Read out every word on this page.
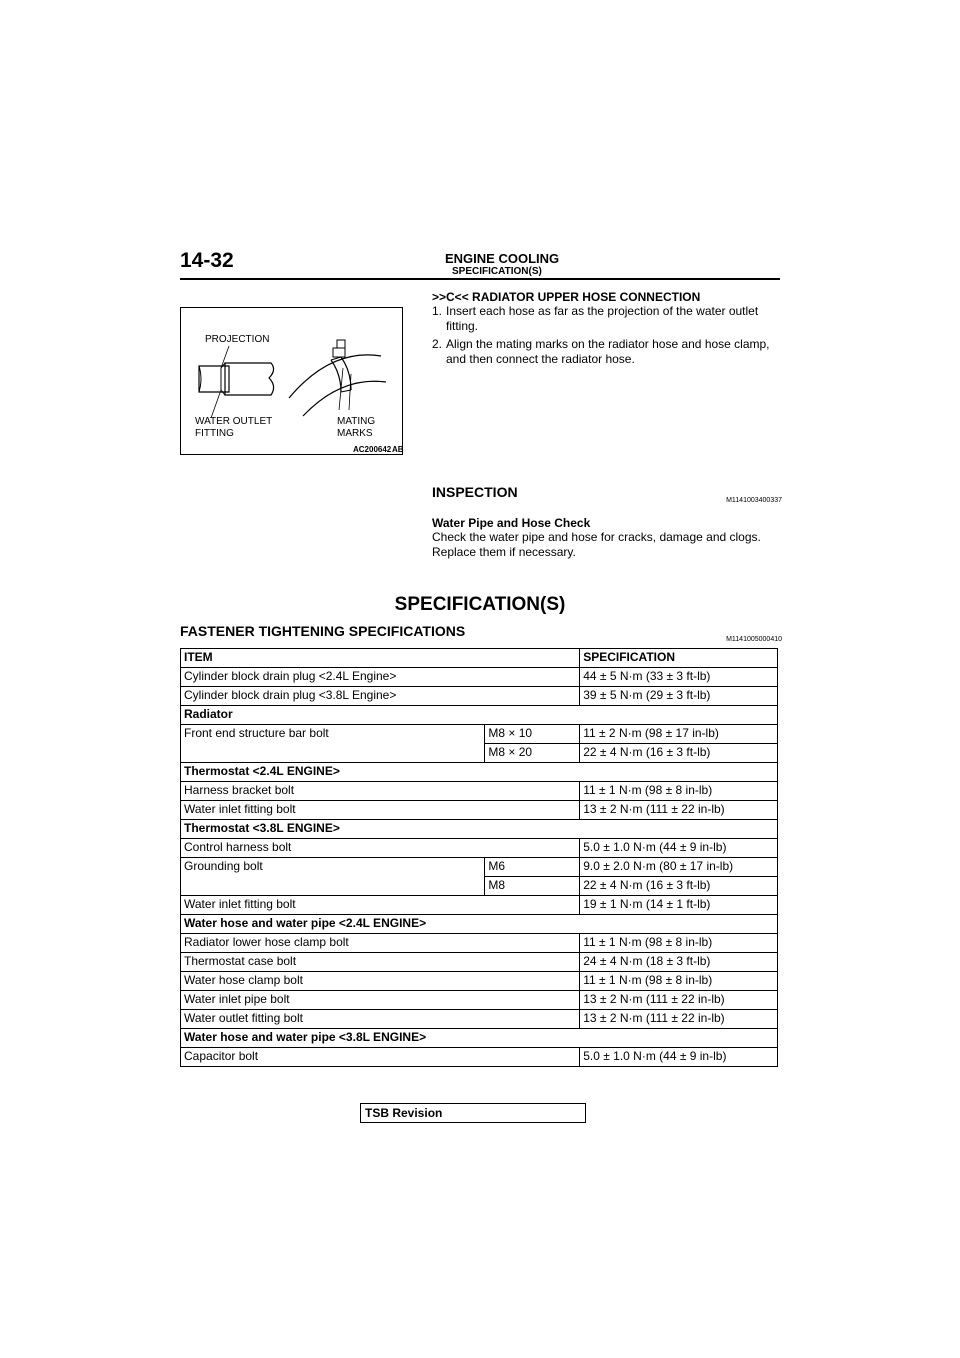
14-32	ENGINE COOLING
SPECIFICATION(S)
PROJECTION
WATER OUTLET
FITTING
MATING
MARKS
AC200642 AB
>>C<< RADIATOR UPPER HOSE CONNECTION
1. Insert each hose as far as the projection of the water outlet fitting.
2. Align the mating marks on the radiator hose and hose clamp, and then connect the radiator hose.
INSPECTION
M1141003400337
Water Pipe and Hose Check
Check the water pipe and hose for cracks, damage and clogs. Replace them if necessary.
SPECIFICATION(S)
FASTENER TIGHTENING SPECIFICATIONS
M1141005000410
ITEM		SPECIFICATION
Cylinder block drain plug <2.4L Engine>		44 ± 5 N·m (33 ± 3 ft-lb)
Cylinder block drain plug <3.8L Engine>		39 ± 5 N·m (29 ± 3 ft-lb)
Radiator		
Front end structure bar bolt	M8 × 10	11 ± 2 N·m (98 ± 17 in-lb)
	M8 × 20	22 ± 4 N·m (16 ± 3 ft-lb)
Thermostat <2.4L ENGINE>		
Harness bracket bolt		11 ± 1 N·m (98 ± 8 in-lb)
Water inlet fitting bolt		13 ± 2 N·m (111 ± 22 in-lb)
Thermostat <3.8L ENGINE>		
Control harness bolt		5.0 ± 1.0 N·m (44 ± 9 in-lb)
Grounding bolt	M6	9.0 ± 2.0 N·m (80 ± 17 in-lb)
	M8	22 ± 4 N·m (16 ± 3 ft-lb)
Water inlet fitting bolt		19 ± 1 N·m (14 ± 1 ft-lb)
Water hose and water pipe <2.4L ENGINE>		
Radiator lower hose clamp bolt		11 ± 1 N·m (98 ± 8 in-lb)
Thermostat case bolt		24 ± 4 N·m (18 ± 3 ft-lb)
Water hose clamp bolt		11 ± 1 N·m (98 ± 8 in-lb)
Water inlet pipe bolt		13 ± 2 N·m (111 ± 22 in-lb)
Water outlet fitting bolt		13 ± 2 N·m (111 ± 22 in-lb)
Water hose and water pipe <3.8L ENGINE>		
Capacitor bolt		5.0 ± 1.0 N·m (44 ± 9 in-lb)
TSB Revision
